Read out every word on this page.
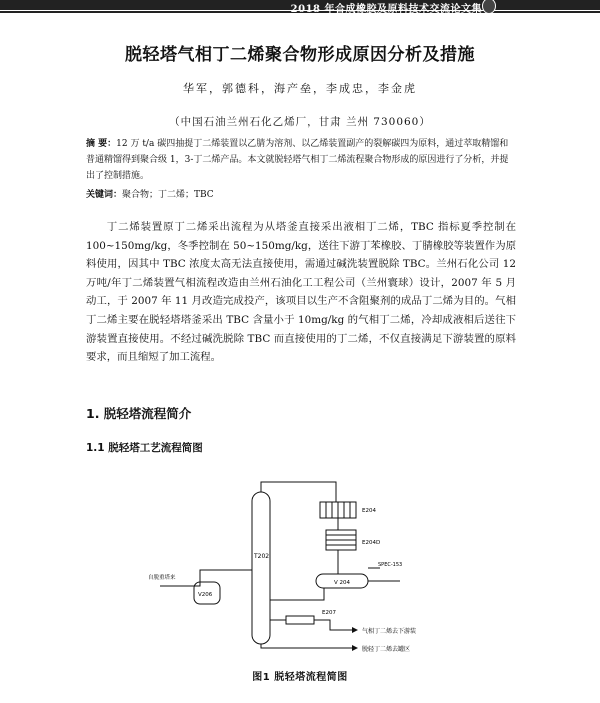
2018 年合成橡胶及原料技术交流论文集
脱轻塔气相丁二烯聚合物形成原因分析及措施
华军，郭德科，海产垒，李成忠，李金虎
（中国石油兰州石化乙烯厂，甘肃 兰州 730060）
摘 要：12 万 t/a 碳四抽提丁二烯装置以乙腈为溶剂、以乙烯装置副产的裂解碳四为原料，通过萃取精馏和普通精馏得到聚合级 1，3-丁二烯产品。本文就脱轻塔气相丁二烯流程聚合物形成的原因进行了分析，并提出了控制措施。
关键词：聚合物；丁二烯；TBC
丁二烯装置原丁二烯采出流程为从塔釜直接采出液相丁二烯，TBC 指标夏季控制在 100~150mg/kg，冬季控制在 50~150mg/kg，送往下游丁苯橡胶、丁腈橡胶等装置作为原料使用，因其中 TBC 浓度太高无法直接使用，需通过碱洗装置脱除 TBC。兰州石化公司 12 万吨/年丁二烯装置气相流程改造由兰州石油化工工程公司（兰州寰球）设计，2007 年 5 月动工，于 2007 年 11 月改造完成投产，该项目以生产不含阻聚剂的成品丁二烯为目的。气相丁二烯主要在脱轻塔塔釜采出 TBC 含量小于 10mg/kg 的气相丁二烯，冷却成液相后送往下游装置直接使用。不经过碱洗脱除 TBC 而直接使用的丁二烯，不仅直接满足下游装置的原料要求，而且缩短了加工流程。
1. 脱轻塔流程简介
1.1 脱轻塔工艺流程简图
E204
E204D
SPEC-153
V 204
T202
V206
自脱重塔来
E207
气相丁二烯去下游装
脱轻丁二烯去罐区
图1 脱轻塔流程简图
